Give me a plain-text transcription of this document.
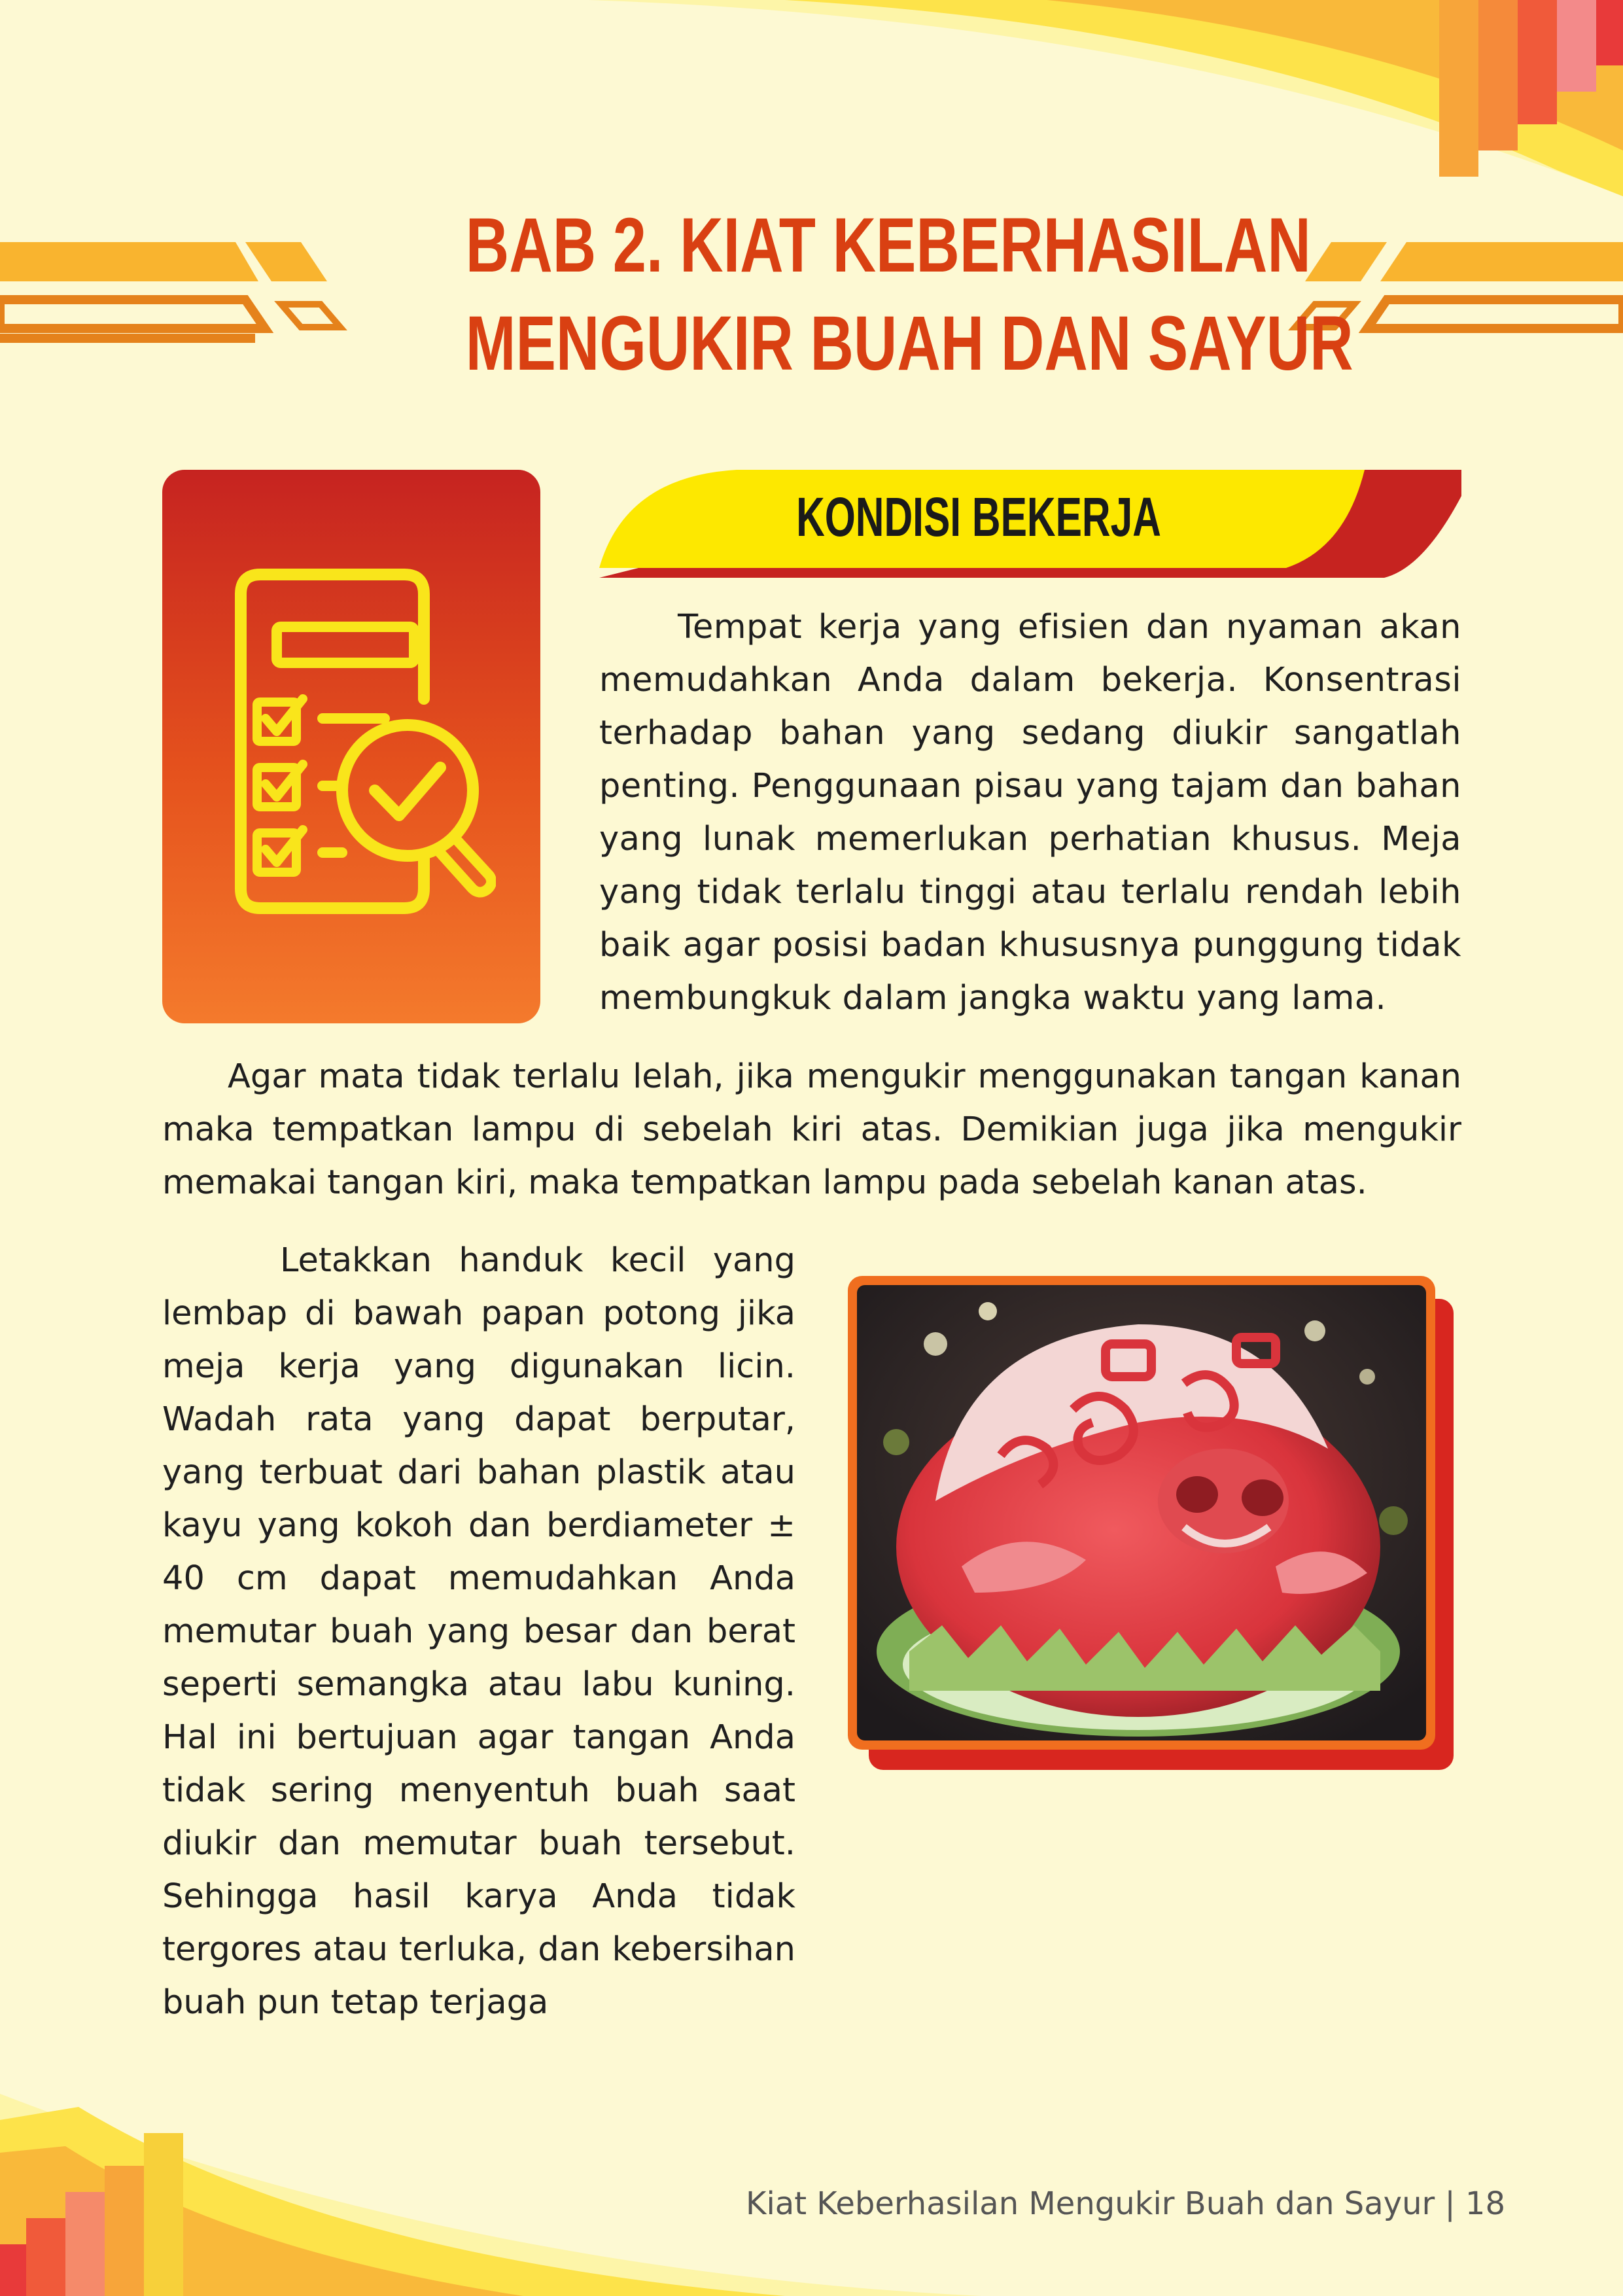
BAB 2. KIAT KEBERHASILAN
MENGUKIR BUAH DAN SAYUR
KONDISI BEKERJA

Tempat kerja yang efisien dan nyaman akan memudahkan Anda dalam bekerja. Konsentrasi terhadap bahan yang sedang diukir sangatlah penting. Penggunaan pisau yang tajam dan bahan yang lunak memerlukan perhatian khusus. Meja yang tidak terlalu tinggi atau terlalu rendah lebih baik agar posisi badan khususnya punggung tidak membungkuk dalam jangka waktu yang lama.

Agar mata tidak terlalu lelah, jika mengukir menggunakan tangan kanan maka tempatkan lampu di sebelah kiri atas. Demikian juga jika mengukir memakai tangan kiri, maka tempatkan lampu pada sebelah kanan atas.

Letakkan handuk kecil yang lembap di bawah papan potong jika meja kerja yang digunakan licin. Wadah rata yang dapat berputar, yang terbuat dari bahan plastik atau kayu yang kokoh dan berdiameter ± 40 cm dapat memudahkan Anda memutar buah yang besar dan berat seperti semangka atau labu kuning. Hal ini bertujuan agar tangan Anda tidak sering menyentuh buah saat diukir dan memutar buah tersebut. Sehingga hasil karya Anda tidak tergores atau terluka, dan kebersihan buah pun tetap terjaga

Kiat Keberhasilan Mengukir Buah dan Sayur | 18
